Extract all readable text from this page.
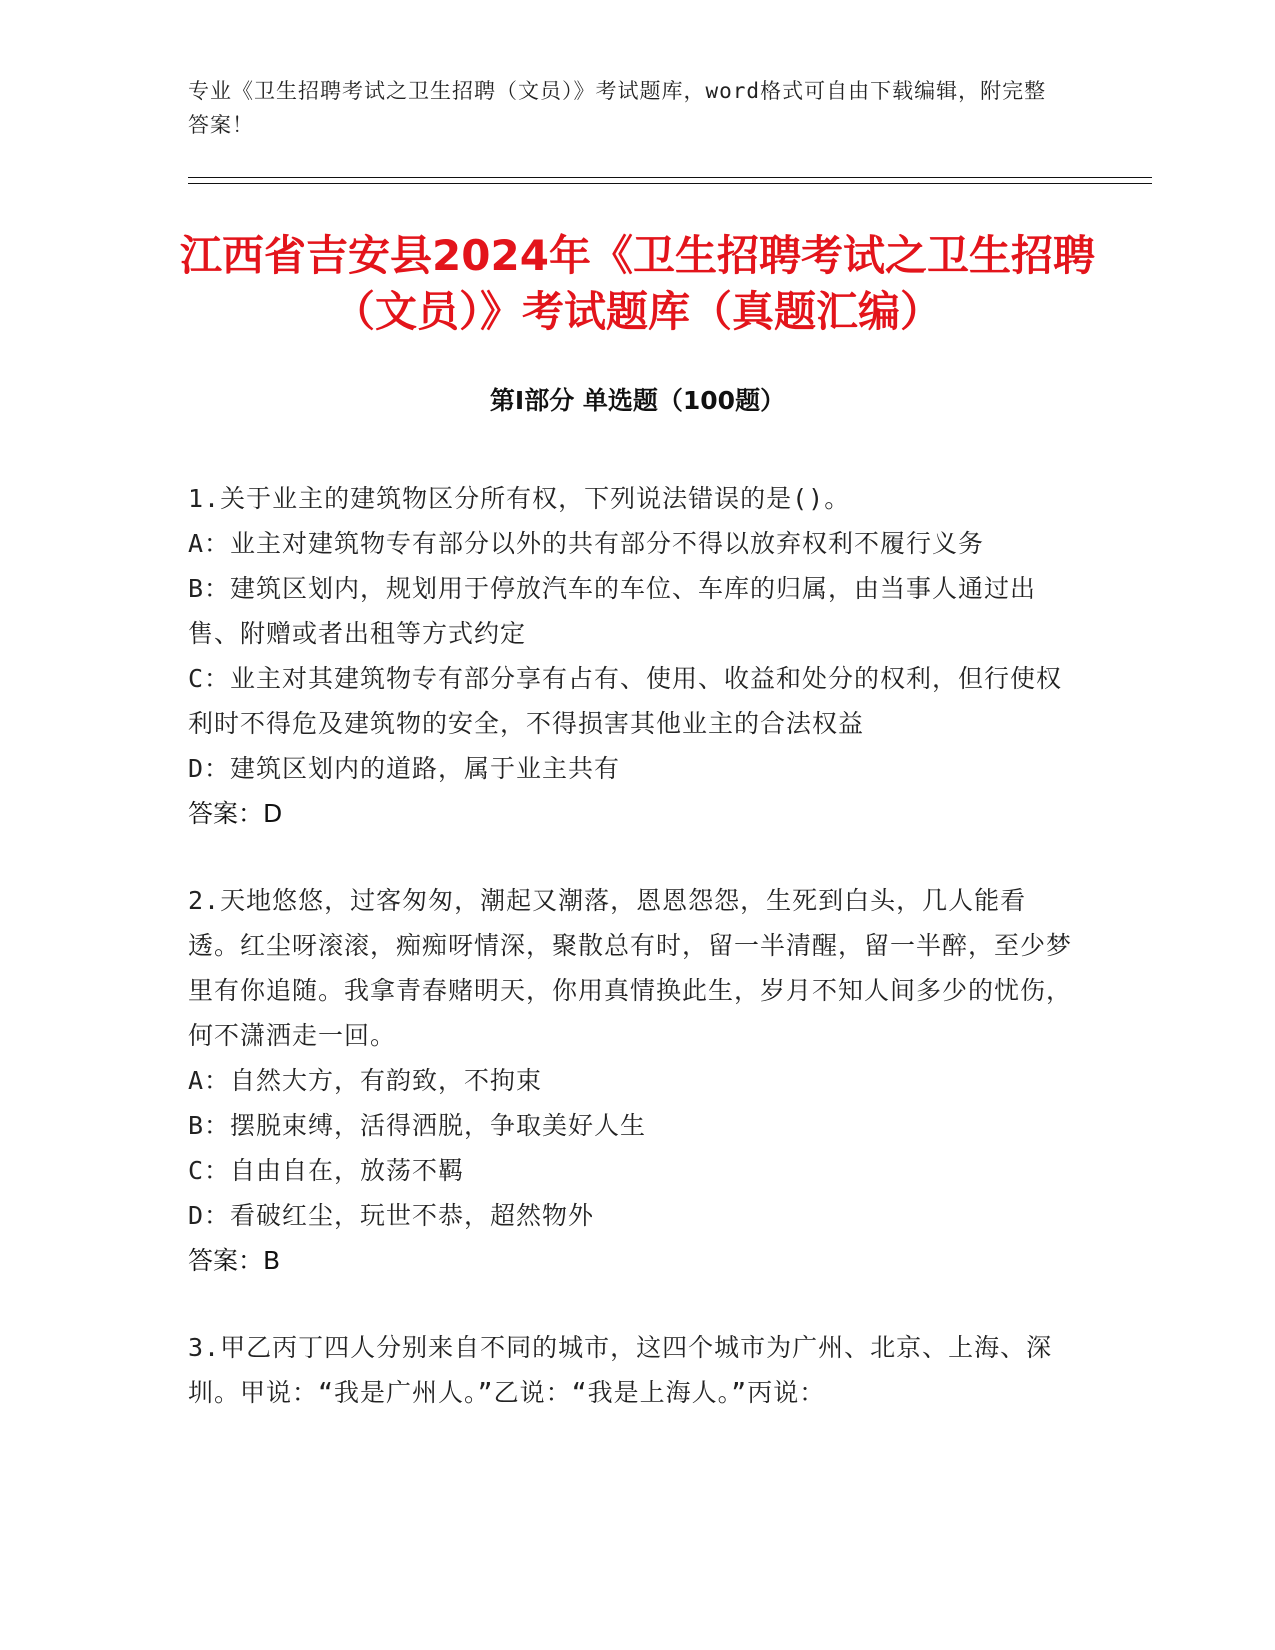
专业《卫生招聘考试之卫生招聘（文员）》考试题库，word格式可自由下载编辑，附完整答案！
江西省吉安县2024年《卫生招聘考试之卫生招聘（文员）》考试题库（真题汇编）
第Ⅰ部分 单选题（100题）

1.关于业主的建筑物区分所有权，下列说法错误的是()。

A：业主对建筑物专有部分以外的共有部分不得以放弃权利不履行义务

B：建筑区划内，规划用于停放汽车的车位、车库的归属，由当事人通过出售、附赠或者出租等方式约定

C：业主对其建筑物专有部分享有占有、使用、收益和处分的权利，但行使权利时不得危及建筑物的安全，不得损害其他业主的合法权益

D：建筑区划内的道路，属于业主共有

答案：D

2.天地悠悠，过客匆匆，潮起又潮落，恩恩怨怨，生死到白头，几人能看透。红尘呀滚滚，痴痴呀情深，聚散总有时，留一半清醒，留一半醉，至少梦里有你追随。我拿青春赌明天，你用真情换此生，岁月不知人间多少的忧伤，何不潇洒走一回。

A：自然大方，有韵致，不拘束

B：摆脱束缚，活得洒脱，争取美好人生

C：自由自在，放荡不羁

D：看破红尘，玩世不恭，超然物外

答案：B

3.甲乙丙丁四人分别来自不同的城市，这四个城市为广州、北京、上海、深圳。甲说：“我是广州人。”乙说：“我是上海人。”丙说：
